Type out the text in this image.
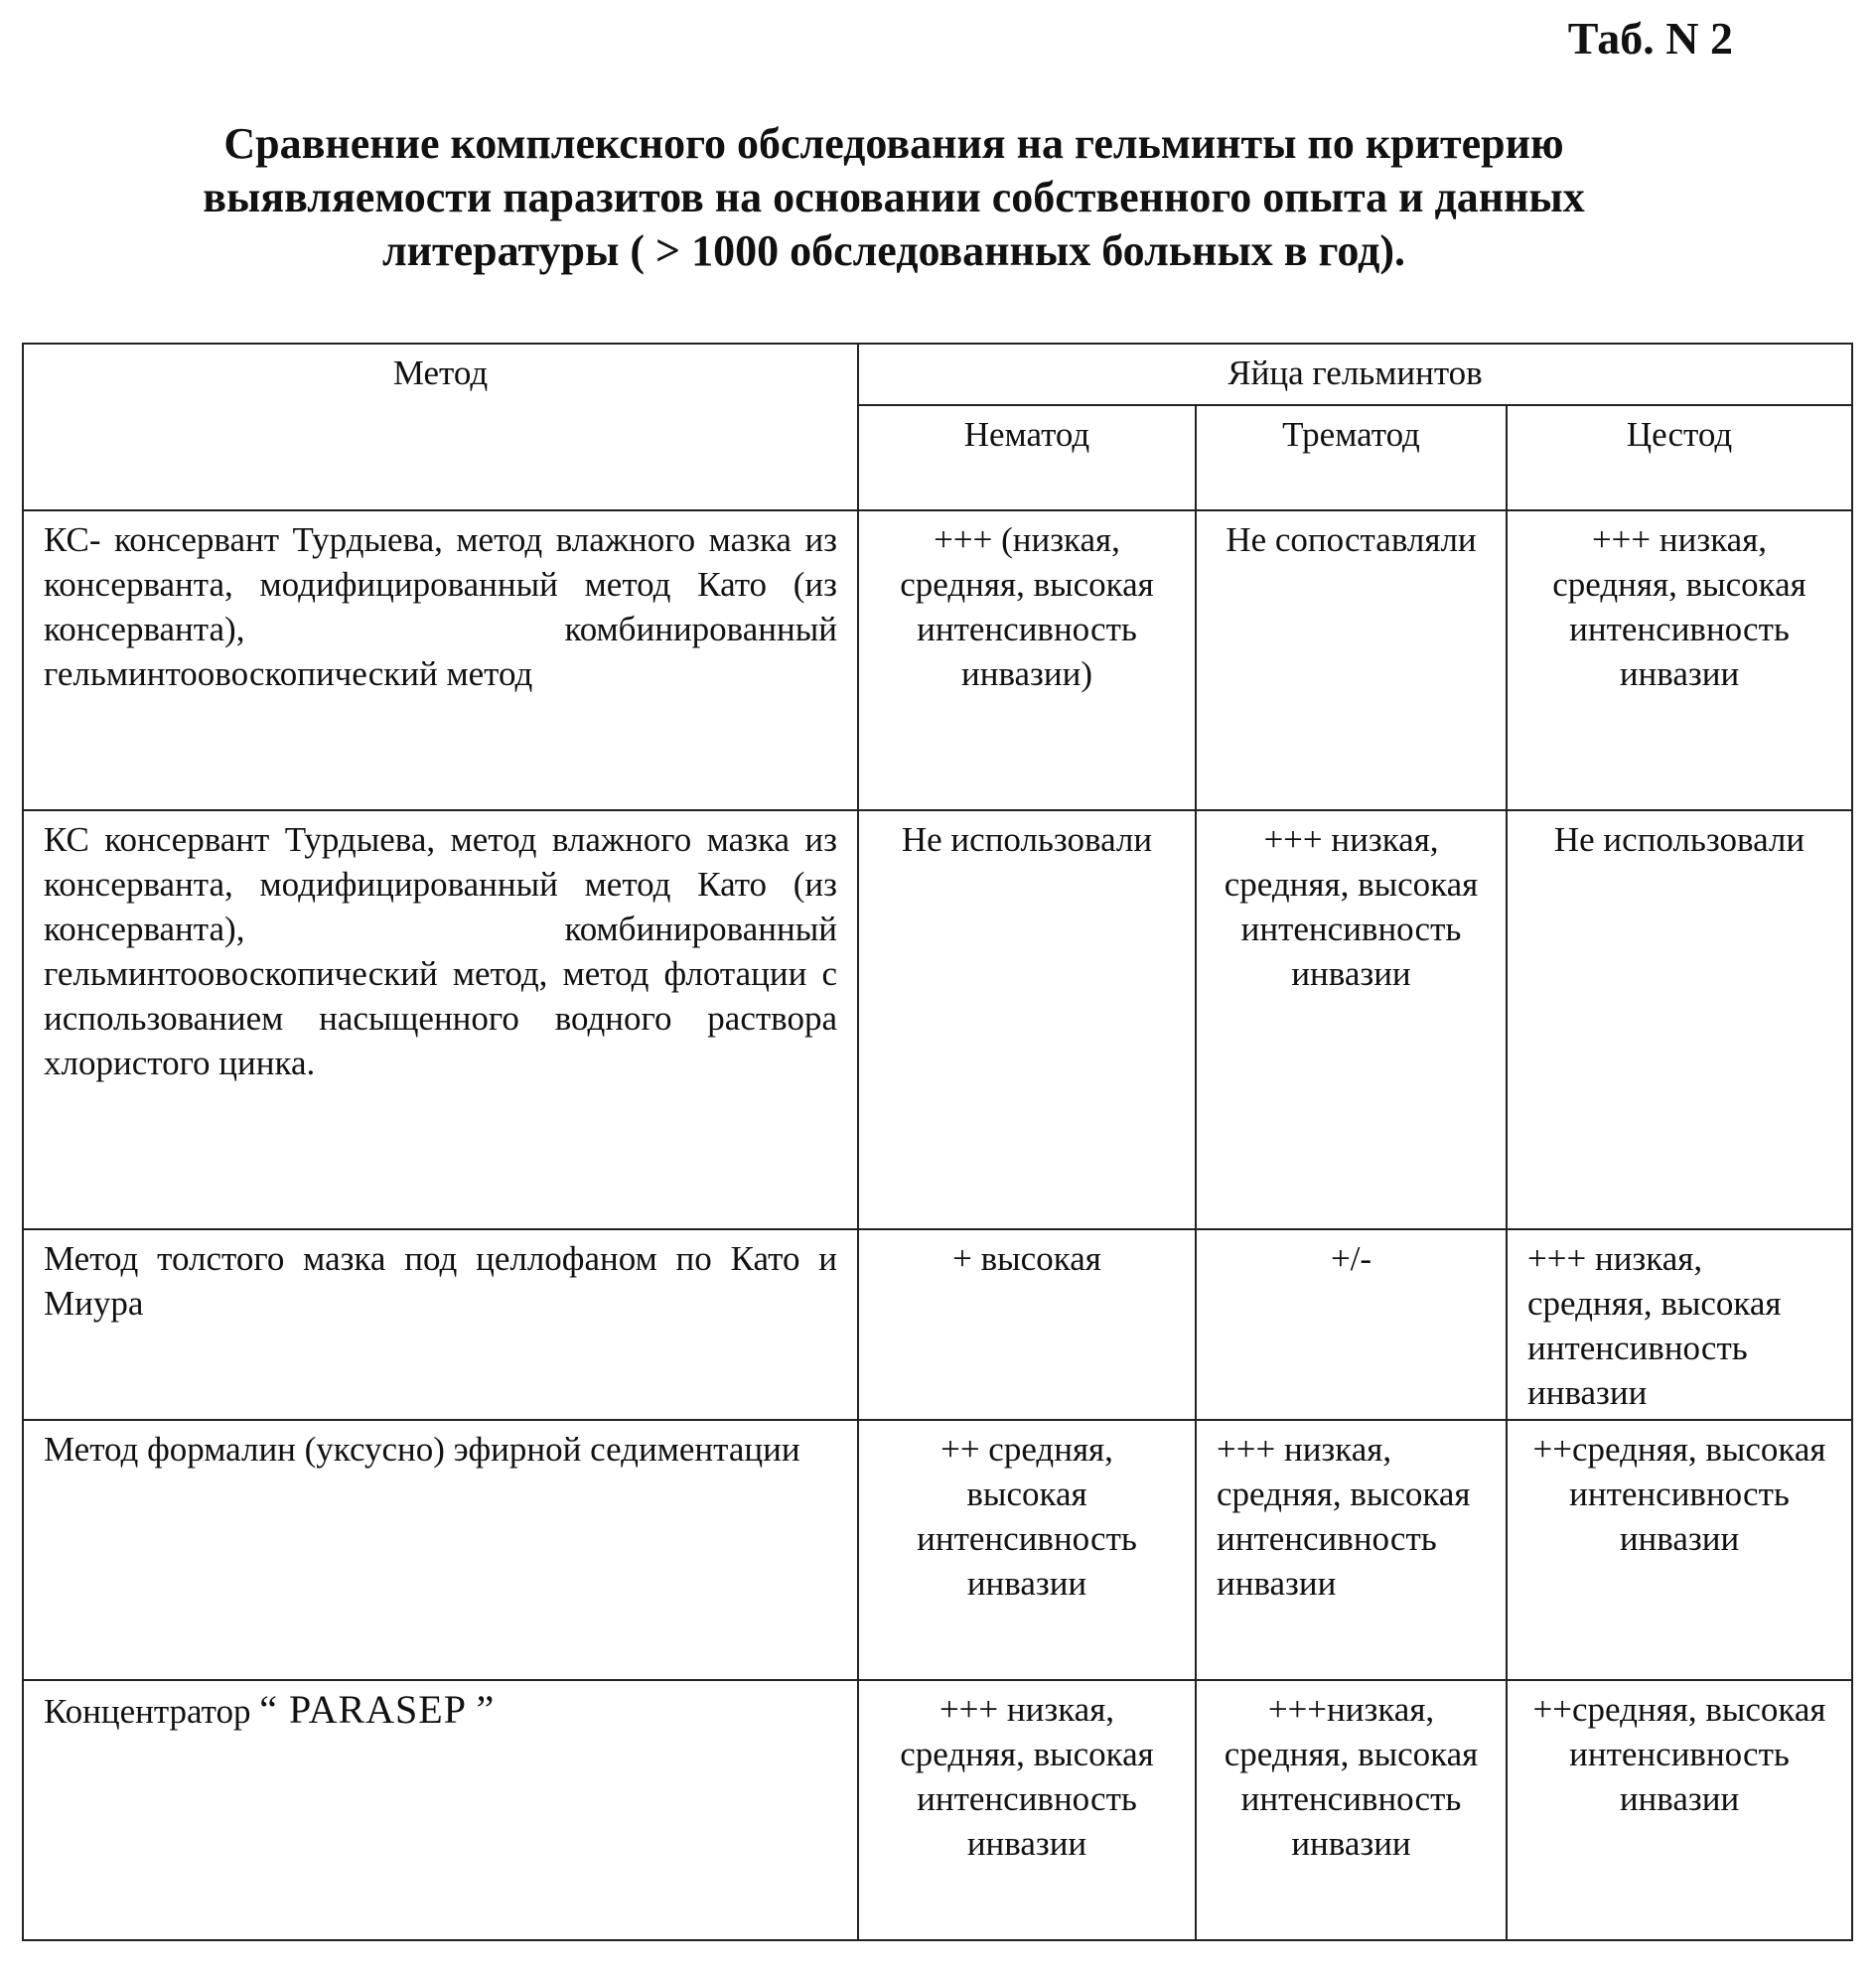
Таб. N 2
Сравнение комплексного обследования на гельминты по критерию
выявляемости паразитов на основании собственного опыта и данных
литературы ( > 1000 обследованных больных в год).
Метод	Яйца гельминтов		
	Нематод	Трематод	Цестод
КС- консервант Турдыева, метод влажного мазка из консерванта, модифицированный метод Като (из консерванта), комбинированный гельминтоовоскопический метод	+++ (низкая, средняя, высокая интенсивность инвазии)	Не сопоставляли	+++ низкая, средняя, высокая интенсивность инвазии
КС консервант Турдыева, метод влажного мазка из консерванта, модифицированный метод Като (из консерванта), комбинированный гельминтоовоскопический метод, метод флотации с использованием насыщенного водного раствора хлористого цинка.	Не использовали	+++ низкая, средняя, высокая интенсивность инвазии	Не использовали
Метод толстого мазка под целлофаном по Като и Миура	+ высокая	+/-	+++ низкая, средняя, высокая интенсивность инвазии
Метод формалин (уксусно) эфирной седиментации	++ средняя, высокая интенсивность инвазии	+++ низкая, средняя, высокая интенсивность инвазии	++средняя, высокая интенсивность инвазии
Концентратор “ PARASEP ”	+++ низкая, средняя, высокая интенсивность инвазии	+++низкая, средняя, высокая интенсивность инвазии	++средняя, высокая интенсивность инвазии
